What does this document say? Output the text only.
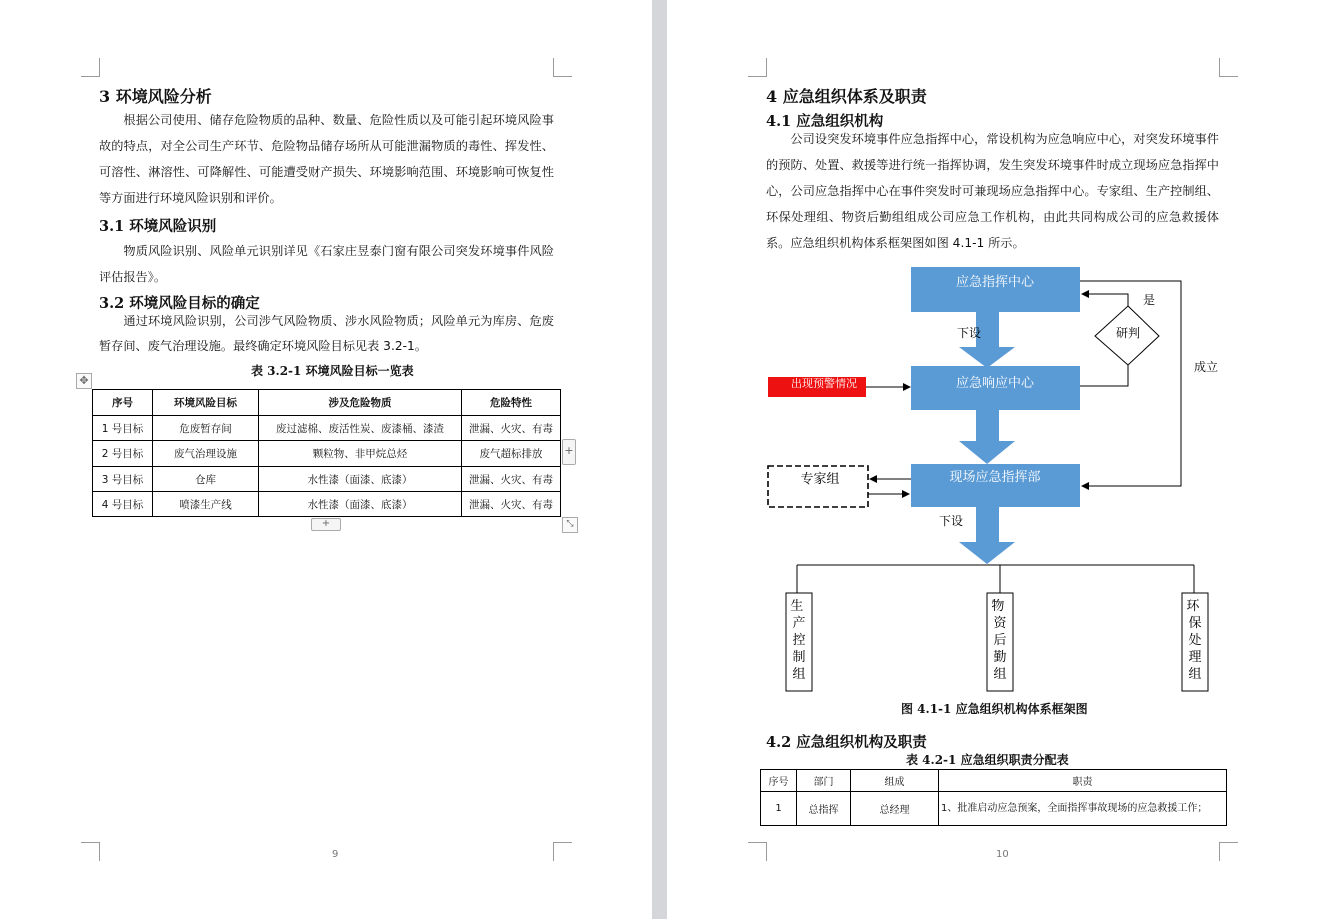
3 环境风险分析

根据公司使用、储存危险物质的品种、数量、危险性质以及可能引起环境风险事故的特点，对全公司生产环节、危险物品储存场所从可能泄漏物质的毒性、挥发性、可溶性、淋溶性、可降解性、可能遭受财产损失、环境影响范围、环境影响可恢复性等方面进行环境风险识别和评价。

3.1 环境风险识别

物质风险识别、风险单元识别详见《石家庄昱泰门窗有限公司突发环境事件风险评估报告》。

3.2 环境风险目标的确定

通过环境风险识别，公司涉气风险物质、涉水风险物质；风险单元为库房、危废暂存间、废气治理设施。最终确定环境风险目标见表 3.2-1。

表 3.2-1 环境风险目标一览表
✥
序号	环境风险目标	涉及危险物质	危险特性
1 号目标	危废暂存间	废过滤棉、废活性炭、废漆桶、漆渣	泄漏、火灾、有毒
2 号目标	废气治理设施	颗粒物、非甲烷总烃	废气超标排放
3 号目标	仓库	水性漆（面漆、底漆）	泄漏、火灾、有毒
4 号目标	喷漆生产线	水性漆（面漆、底漆）	泄漏、火灾、有毒
+
+	⤡
9
4 应急组织体系及职责
4.1 应急组织机构

公司设突发环境事件应急指挥中心，常设机构为应急响应中心，对突发环境事件的预防、处置、救援等进行统一指挥协调，发生突发环境事件时成立现场应急指挥中心，公司应急指挥中心在事件突发时可兼现场应急指挥中心。专家组、生产控制组、环保处理组、物资后勤组组成公司应急工作机构，由此共同构成公司的应急救援体系。应急组织机构体系框架图如图 4.1-1 所示。

应急指挥中心
应急响应中心
现场应急指挥部
出现预警情况
研判
是
成立
下设
下设
专家组
生 产控制组
物 资后勤组
环 保处理组
图 4.1-1 应急组织机构体系框架图
4.2 应急组织机构及职责
表 4.2-1 应急组织职责分配表
序号	部门	组成	职责
1	总指挥	总经理	1、批准启动应急预案，全面指挥事故现场的应急救援工作；
10
